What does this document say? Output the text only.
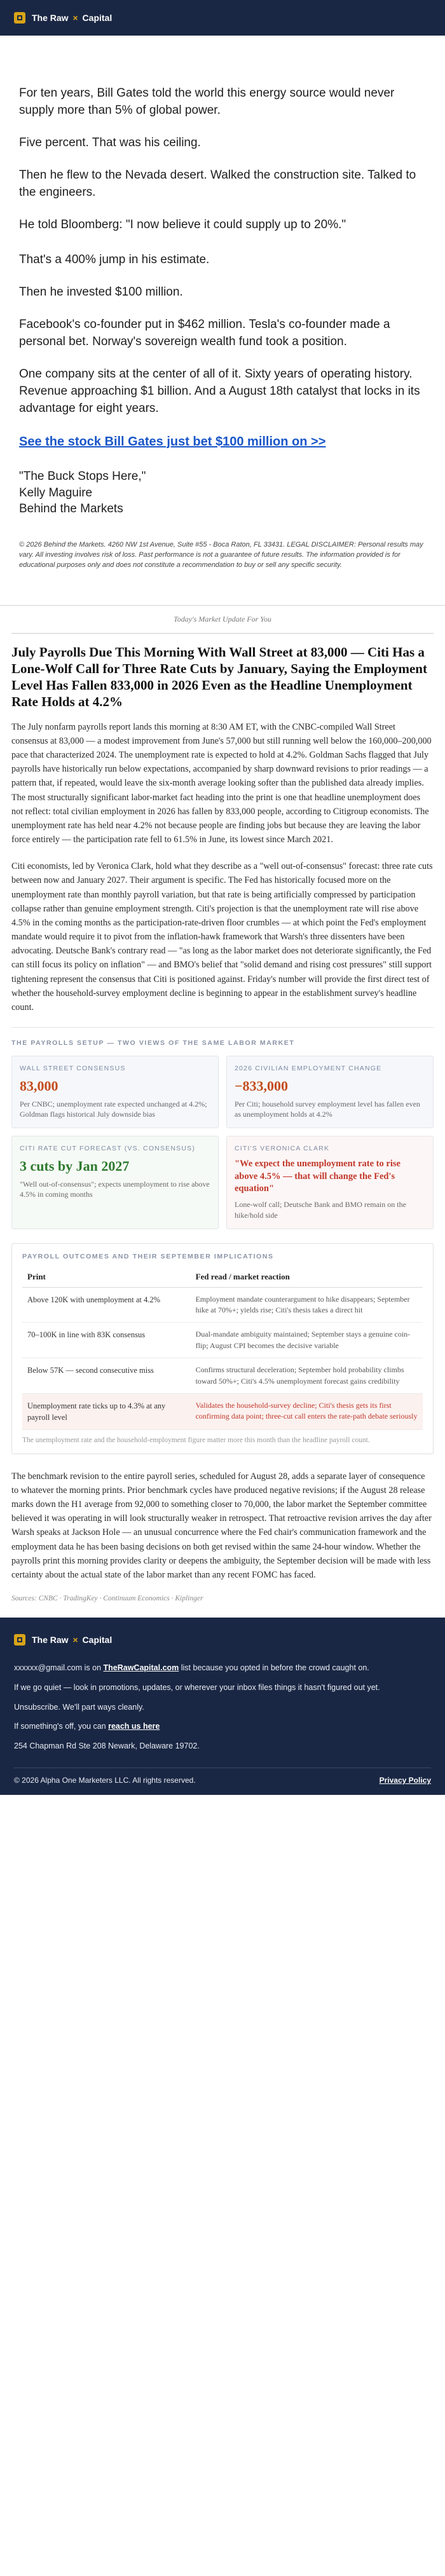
The Raw × Capital

For ten years, Bill Gates told the world this energy source would never supply more than 5% of global power.

Five percent. That was his ceiling.

Then he flew to the Nevada desert. Walked the construction site. Talked to the engineers.

He told Bloomberg: "I now believe it could supply up to 20%."

That's a 400% jump in his estimate.

Then he invested $100 million.

Facebook's co-founder put in $462 million. Tesla's co-founder made a personal bet. Norway's sovereign wealth fund took a position.

One company sits at the center of all of it. Sixty years of operating history. Revenue approaching $1 billion. And a August 18th catalyst that locks in its advantage for eight years.

See the stock Bill Gates just bet $100 million on >>
"The Buck Stops Here,"
Kelly Maguire
Behind the Markets
© 2026 Behind the Markets. 4260 NW 1st Avenue, Suite #55 - Boca Raton, FL 33431. LEGAL DISCLAIMER: Personal results may vary. All investing involves risk of loss. Past performance is not a guarantee of future results. The information provided is for educational purposes only and does not constitute a recommendation to buy or sell any specific security.
Today's Market Update For You
July Payrolls Due This Morning With Wall Street at 83,000 — Citi Has a Lone-Wolf Call for Three Rate Cuts by January, Saying the Employment Level Has Fallen 833,000 in 2026 Even as the Headline Unemployment Rate Holds at 4.2%

The July nonfarm payrolls report lands this morning at 8:30 AM ET, with the CNBC-compiled Wall Street consensus at 83,000 — a modest improvement from June's 57,000 but still running well below the 160,000–200,000 pace that characterized 2024. The unemployment rate is expected to hold at 4.2%. Goldman Sachs flagged that July payrolls have historically run below expectations, accompanied by sharp downward revisions to prior readings — a pattern that, if repeated, would leave the six-month average looking softer than the published data already implies. The most structurally significant labor-market fact heading into the print is one that headline unemployment does not reflect: total civilian employment in 2026 has fallen by 833,000 people, according to Citigroup economists. The unemployment rate has held near 4.2% not because people are finding jobs but because they are leaving the labor force entirely — the participation rate fell to 61.5% in June, its lowest since March 2021.

Citi economists, led by Veronica Clark, hold what they describe as a "well out-of-consensus" forecast: three rate cuts between now and January 2027. Their argument is specific. The Fed has historically focused more on the unemployment rate than monthly payroll variation, but that rate is being artificially compressed by participation collapse rather than genuine employment strength. Citi's projection is that the unemployment rate will rise above 4.5% in the coming months as the participation-rate-driven floor crumbles — at which point the Fed's employment mandate would require it to pivot from the inflation-hawk framework that Warsh's three dissenters have been advocating. Deutsche Bank's contrary read — "as long as the labor market does not deteriorate significantly, the Fed can still focus its policy on inflation" — and BMO's belief that "solid demand and rising cost pressures" still support tightening represent the consensus that Citi is positioned against. Friday's number will provide the first direct test of whether the household-survey employment decline is beginning to appear in the establishment survey's headline count.

THE PAYROLLS SETUP — TWO VIEWS OF THE SAME LABOR MARKET
WALL STREET CONSENSUS
83,000
Per CNBC; unemployment rate expected unchanged at 4.2%; Goldman flags historical July downside bias
2026 CIVILIAN EMPLOYMENT CHANGE
−833,000
Per Citi; household survey employment level has fallen even as unemployment holds at 4.2%
CITI RATE CUT FORECAST (VS. CONSENSUS)
3 cuts by Jan 2027
"Well out-of-consensus"; expects unemployment to rise above 4.5% in coming months
CITI'S VERONICA CLARK
"We expect the unemployment rate to rise above 4.5% — that will change the Fed's equation"
Lone-wolf call; Deutsche Bank and BMO remain on the hike/hold side
PAYROLL OUTCOMES AND THEIR SEPTEMBER IMPLICATIONS
Print	Fed read / market reaction
Above 120K with unemployment at 4.2%	Employment mandate counterargument to hike disappears; September hike at 70%+; yields rise; Citi's thesis takes a direct hit
70–100K in line with 83K consensus	Dual-mandate ambiguity maintained; September stays a genuine coin-flip; August CPI becomes the decisive variable
Below 57K — second consecutive miss	Confirms structural deceleration; September hold probability climbs toward 50%+; Citi's 4.5% unemployment forecast gains credibility
Unemployment rate ticks up to 4.3% at any payroll level	Validates the household-survey decline; Citi's thesis gets its first confirming data point; three-cut call enters the rate-path debate seriously
The unemployment rate and the household-employment figure matter more this month than the headline payroll count.

The benchmark revision to the entire payroll series, scheduled for August 28, adds a separate layer of consequence to whatever the morning prints. Prior benchmark cycles have produced negative revisions; if the August 28 release marks down the H1 average from 92,000 to something closer to 70,000, the labor market the September committee believed it was operating in will look structurally weaker in retrospect. That retroactive revision arrives the day after Warsh speaks at Jackson Hole — an unusual concurrence where the Fed chair's communication framework and the employment data he has been basing decisions on both get revised within the same 24-hour window. Whether the payrolls print this morning provides clarity or deepens the ambiguity, the September decision will be made with less certainty about the actual state of the labor market than any recent FOMC has faced.

Sources: CNBC · TradingKey · Continuum Economics · Kiplinger
The Raw × Capital

xxxxxx@gmail.com is on TheRawCapital.com list because you opted in before the crowd caught on.

If we go quiet — look in promotions, updates, or wherever your inbox files things it hasn't figured out yet.

Unsubscribe. We'll part ways cleanly.

If something's off, you can reach us here

254 Chapman Rd Ste 208 Newark, Delaware 19702.

© 2026 Alpha One Marketers LLC. All rights reserved.	Privacy Policy
